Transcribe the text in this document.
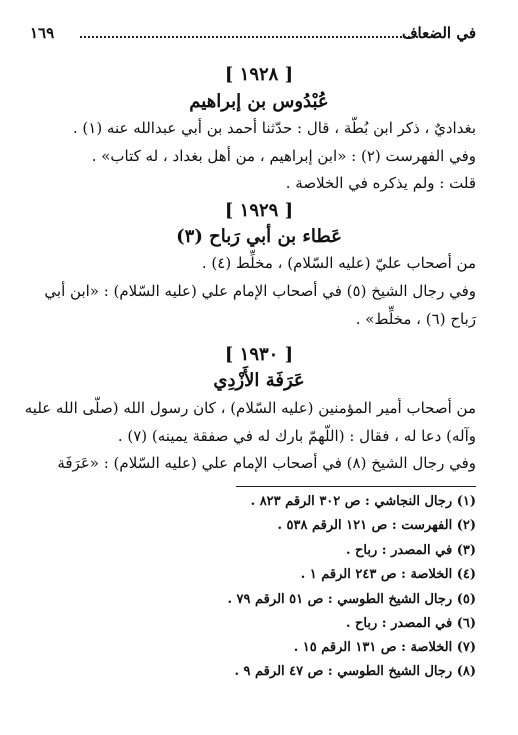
في الضعاف
١٦٩
[ ١٩٢٨ ]
عُبْدُوس بن إبراهيم
بغداديٌ ، ذكر ابن بُطّة ، قال : حدّثنا أحمد بن أبي عبدالله عنه (١) .
وفي الفهرست (٢) : «ابن إبراهيم ، من أهل بغداد ، له كتاب» .
قلت : ولم يذكره في الخلاصة .
[ ١٩٢٩ ]
عَطاء بن أبي رَباح (٣)
من أصحاب عليّ (عليه السّلام) ، مخلِّط (٤) .
وفي رجال الشيخ (٥) في أصحاب الإمام علي (عليه السّلام) : «ابن أبي
رَباح (٦) ، مخلِّط» .
[ ١٩٣٠ ]
عَرَفَة الأَزْدِي
من أصحاب أمير المؤمنين (عليه السّلام) ، كان رسول الله (صلّى الله عليه
وآله) دعا له ، فقال : (اللّهمّ بارك له في صفقة يمينه) (٧) .
وفي رجال الشيخ (٨) في أصحاب الإمام علي (عليه السّلام) : «عَرَفَة
(١) رجال النجاشي : ص ٣٠٢ الرقم ٨٢٣ .
(٢) الفهرست : ص ١٢١ الرقم ٥٣٨ .
(٣) في المصدر : رباح .
(٤) الخلاصة : ص ٢٤٣ الرقم ١ .
(٥) رجال الشيخ الطوسي : ص ٥١ الرقم ٧٩ .
(٦) في المصدر : رباح .
(٧) الخلاصة : ص ١٣١ الرقم ١٥ .
(٨) رجال الشيخ الطوسي : ص ٤٧ الرقم ٩ .
